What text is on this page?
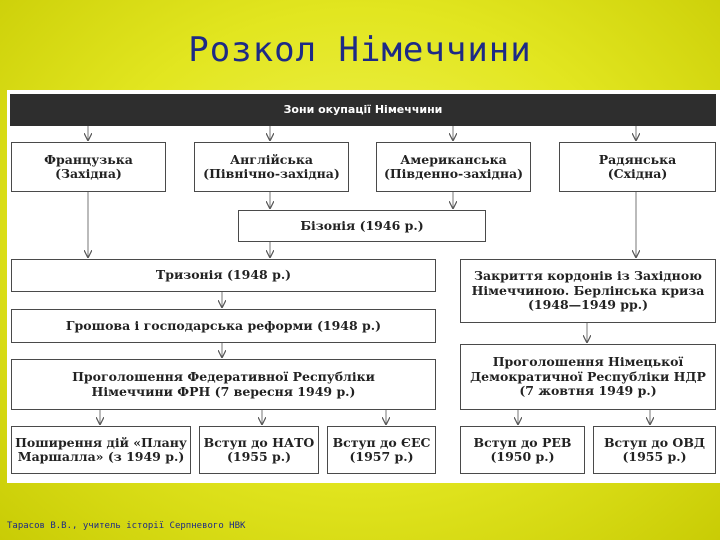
Розкол Німеччини
Зони окупації Німеччини
Французька
(Західна)
Англійська
(Північно-західна)
Американська
(Південно-західна)
Радянська
(Східна)
Бізонія (1946 р.)
Тризонія (1948 р.)	Закриття кордонів із Західною
Німеччиною. Берлінська криза
(1948—1949 рр.)
Грошова і господарська реформи (1948 р.)
Проголошення Федеративної Республіки
Німеччини ФРН (7 вересня 1949 р.)
Проголошення Німецької
Демократичної Республіки НДР
(7 жовтня 1949 р.)
Поширення дій «Плану
Маршалла» (з 1949 р.)
Вступ до НАТО
(1955 р.)
Вступ до ЄЕС
(1957 р.)
Вступ до РЕВ
(1950 р.)
Вступ до ОВД
(1955 р.)
Тарасов В.В., учитель історії Серпневого НВК
